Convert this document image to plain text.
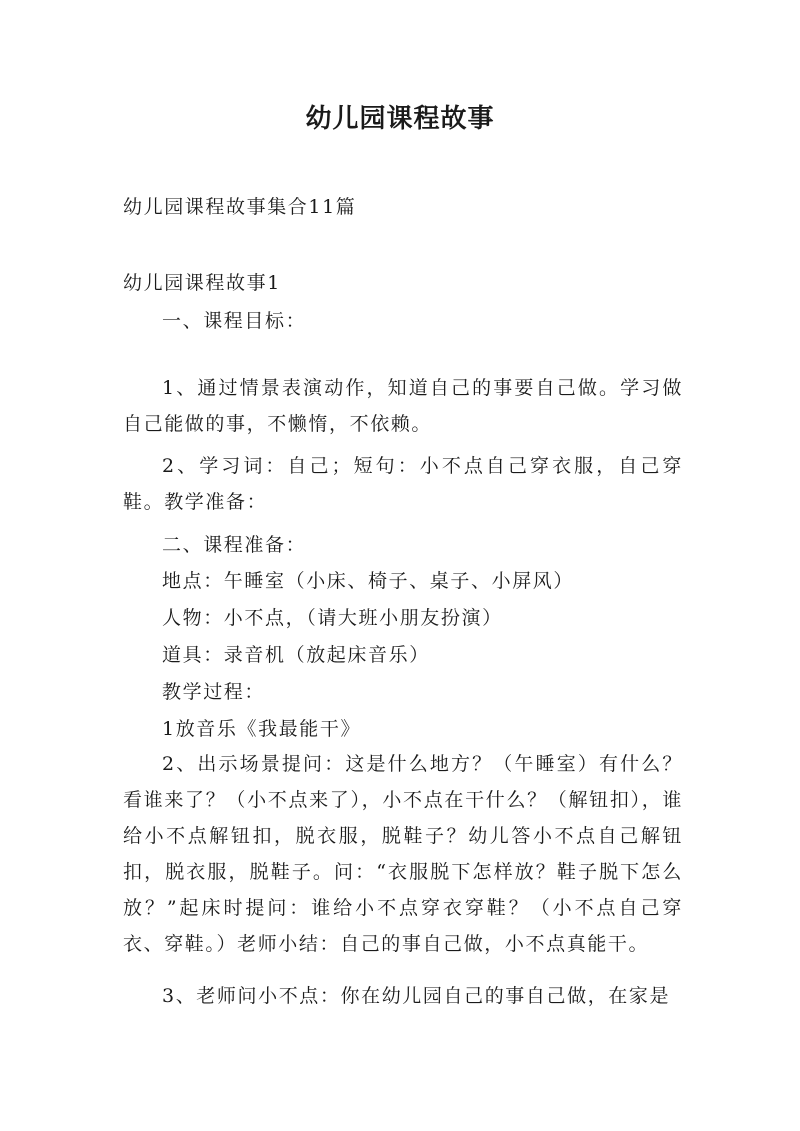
幼儿园课程故事
幼儿园课程故事集合11篇
幼儿园课程故事1
一、课程目标：
1、通过情景表演动作，知道自己的事要自己做。学习做自己能做的事，不懒惰，不依赖。
2、学习词：自己；短句：小不点自己穿衣服，自己穿鞋。教学准备：
二、课程准备：
地点：午睡室（小床、椅子、桌子、小屏风）
人物：小不点，（请大班小朋友扮演）
道具：录音机（放起床音乐）
教学过程：
1放音乐《我最能干》
2、出示场景提问：这是什么地方？（午睡室）有什么？看谁来了？（小不点来了），小不点在干什么？（解钮扣），谁给小不点解钮扣，脱衣服，脱鞋子？幼儿答小不点自己解钮扣，脱衣服，脱鞋子。问：“衣服脱下怎样放？鞋子脱下怎么放？”起床时提问：谁给小不点穿衣穿鞋？（小不点自己穿衣、穿鞋。）老师小结：自己的事自己做，小不点真能干。
3、老师问小不点：你在幼儿园自己的事自己做，在家是
